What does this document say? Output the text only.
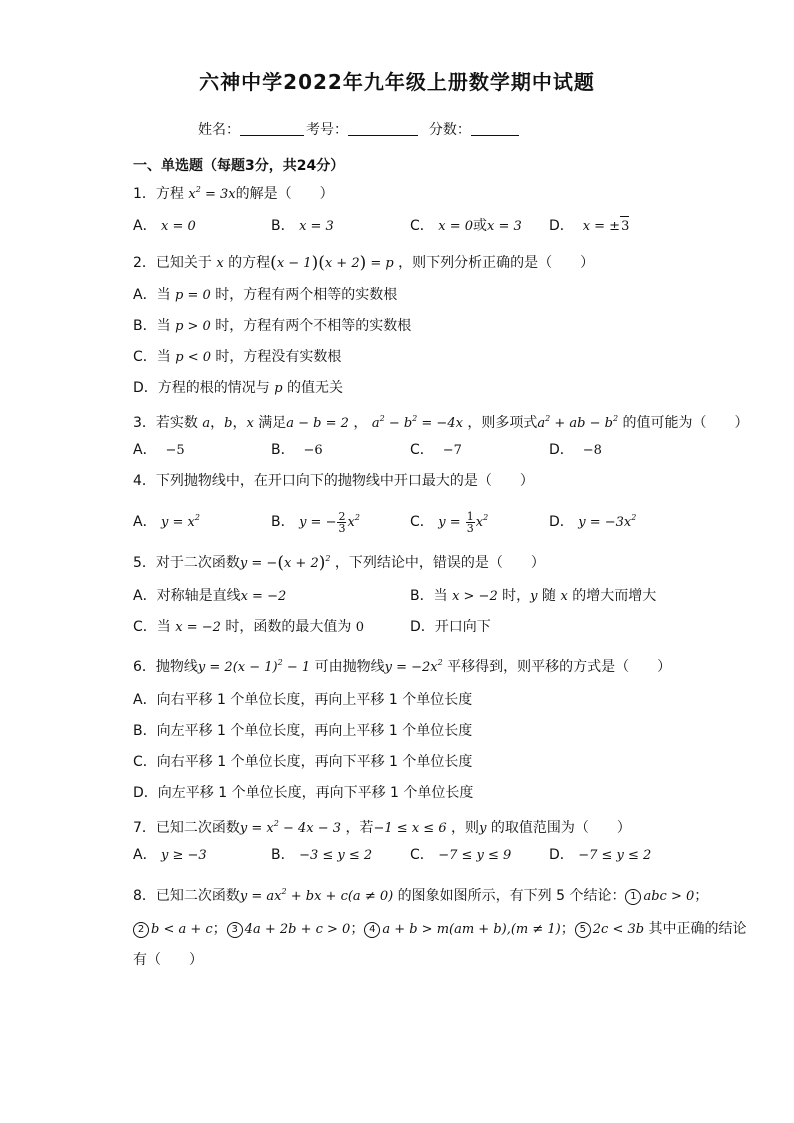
六神中学2022年九年级上册数学期中试题
姓名：	考号：	分数：
一、单选题（每题3分，共24分）
1．方程 $x^2 = 3x$的解是（　　）
A． x = 0	B． x = 3	C． x = 0或x = 3 D． x = ±3
2．已知关于 x 的方程(x − 1)(x + 2) = p ，则下列分析正确的是（　　）
A．当 p = 0 时，方程有两个相等的实数根
B．当 p > 0 时，方程有两个不相等的实数根
C．当 p < 0 时，方程没有实数根
D．方程的根的情况与 p 的值无关
3．若实数 a，b，x 满足a − b = 2 ， $a^2 - b^2 = -4x$ ，则多项式$a^2$ + ab − $b^2$ 的值可能为（　　）
A．  −5	B．  −6	C．  −7	D．  −8
4．下列抛物线中，在开口向下的抛物线中开口最大的是（　　）
A． $y = x^2$	B． y = − $\frac{2}{3} x^2$	C． $y = \frac{1}{3} x^2$	D． $y = -3x^2$
5．对于二次函数$y = -(x + 2)^2$ ，下列结论中，错误的是（　　）
A．对称轴是直线x = −2	B．当 x > −2 时，y 随 x 的增大而增大
C．当 x = −2 时，函数的最大值为 0	D．开口向下
6．抛物线$y = 2(x - 1)^2 - 1$ 可由抛物线$y = -2x^2$ 平移得到，则平移的方式是（　　）
A．向右平移 1 个单位长度，再向上平移 1 个单位长度
B．向左平移 1 个单位长度，再向上平移 1 个单位长度
C．向右平移 1 个单位长度，再向下平移 1 个单位长度
D．向左平移 1 个单位长度，再向下平移 1 个单位长度
7．已知二次函数$y = x^2 - 4x - 3$ ，若−1 ≤ x ≤ 6 ，则y 的取值范围为（　　）
A． y ≥ −3	B． −3 ≤ y ≤ 2	C． −7 ≤ y ≤ 9	D． −7 ≤ y ≤ 2
8．已知二次函数$y = ax^2$ + bx + c(a ≠ 0) 的图象如图所示，有下列 5 个结论： 1 abc > 0；
2 b < a + c； 3 4a + 2b + c > 0； 4 a + b > m(am + b),(m ≠ 1)； 5 2c < 3b 其中正确的结论
有（　　）
